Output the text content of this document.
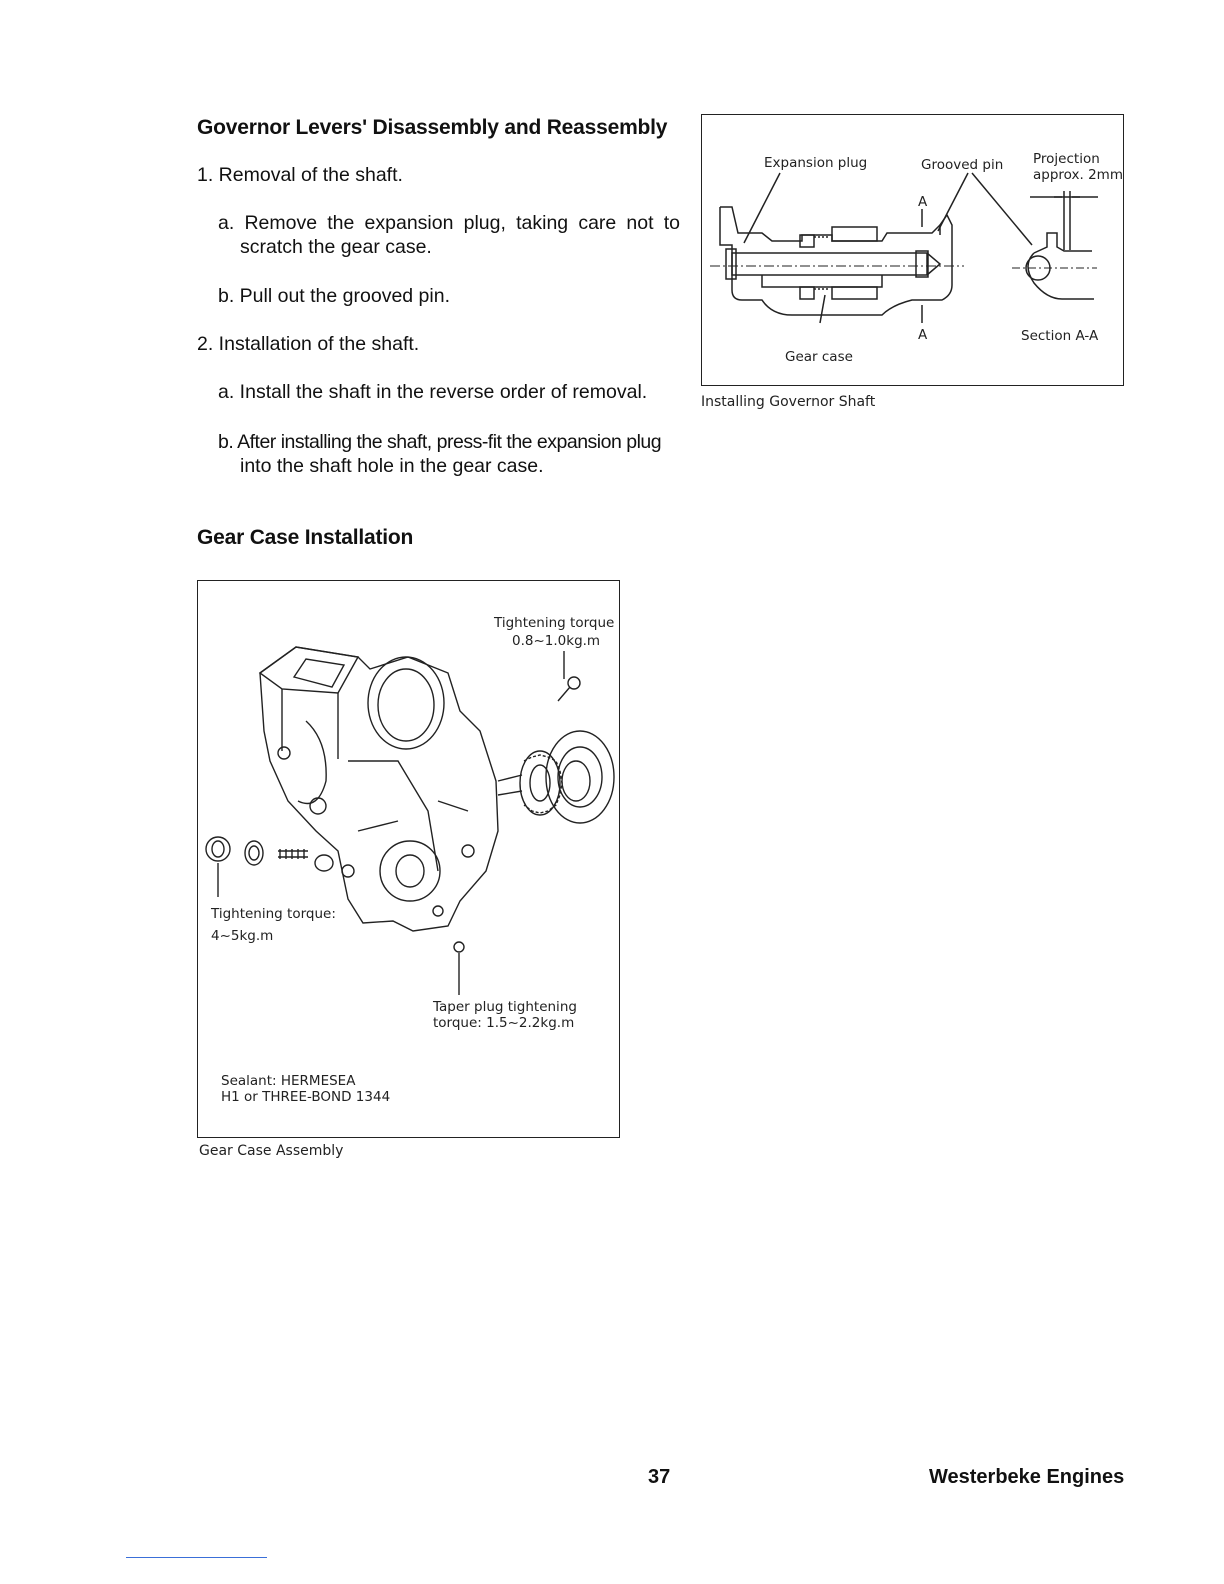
Governor Levers' Disassembly and Reassembly
1. Removal of the shaft.
a. Remove the expansion plug, taking care not to
scratch the gear case.
b. Pull out the grooved pin.
2. Installation of the shaft.
a. Install the shaft in the reverse order of removal.
b. After installing the shaft, press-fit the expansion plug
into the shaft hole in the gear case.
Gear Case Installation
Expansion plug	Grooved pin Projection
approx. 2mm
A
A
Gear case
Section A-A
Installing Governor Shaft
Tightening torque
0.8~1.0kg.m
Tightening torque:
4~5kg.m
Taper plug tightening
torque: 1.5~2.2kg.m
Sealant: HERMESEA
H1 or THREE-BOND 1344
Gear Case Assembly
37	Westerbeke Engines
